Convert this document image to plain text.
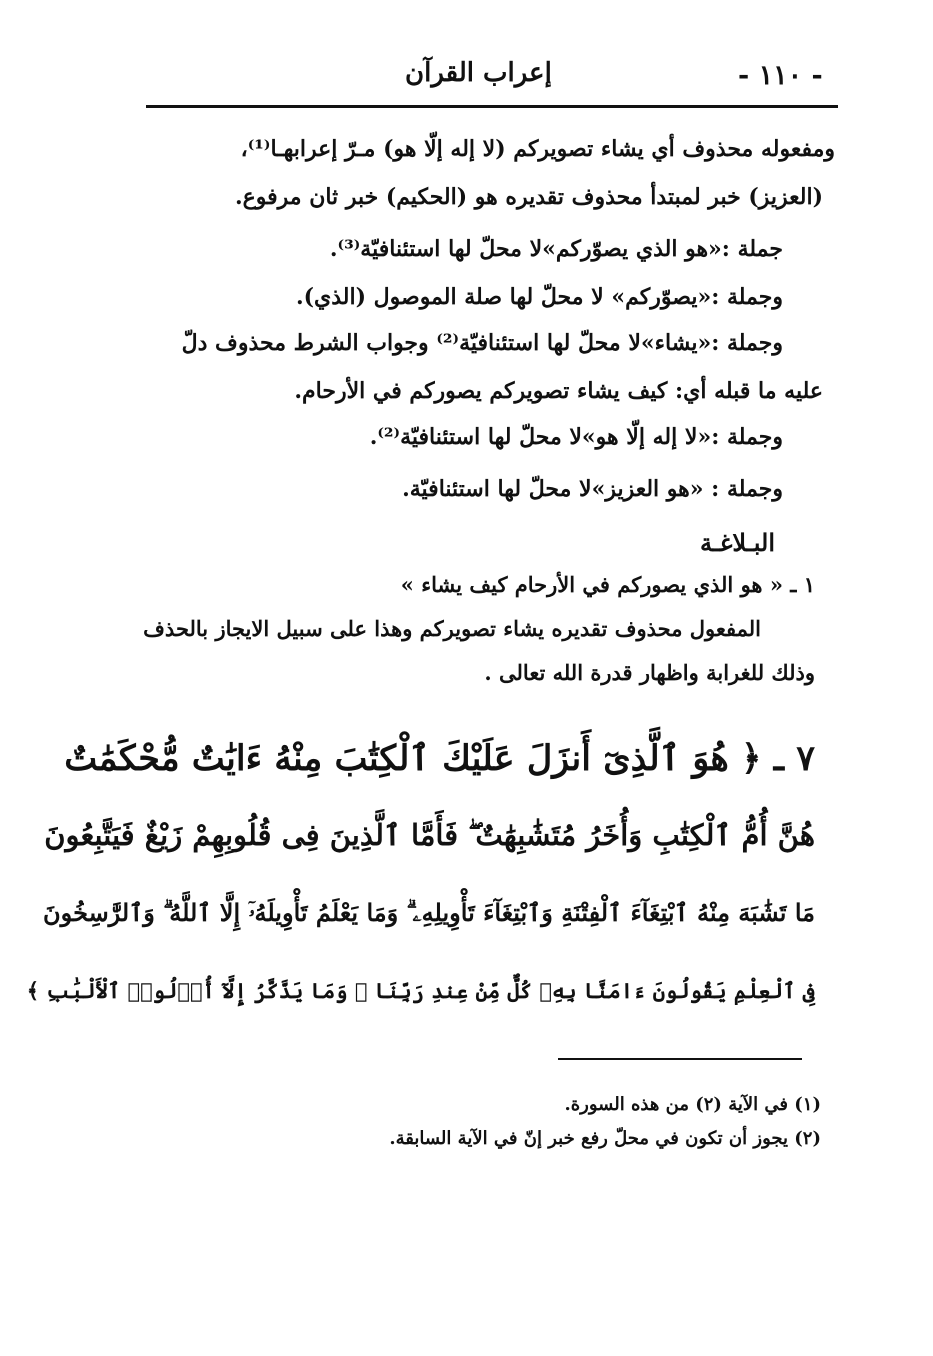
- ١١٠ -
إعراب القرآن
ومفعوله محذوف أي يشاء تصويركم (لا إله إلّا هو) مـرّ إعرابهـا⁽¹⁾،
(العزيز) خبر لمبتدأ محذوف تقديره هو (الحكيم) خبر ثان مرفوع.
جملة :«هو الذي يصوّركم»لا محلّ لها استئنافيّة⁽³⁾.
وجملة :«يصوّركم» لا محلّ لها صلة الموصول (الذي).
وجملة :«يشاء»لا محلّ لها استئنافيّة⁽²⁾ وجواب الشرط محذوف دلّ
عليه ما قبله أي: كيف يشاء تصويركم يصوركم في الأرحام.
وجملة :«لا إله إلّا هو»لا محلّ لها استئنافيّة⁽²⁾.
وجملة : «هو العزيز»لا محلّ لها استئنافيّة.
البـلاغـة
١ ـ « هو الذي يصوركم في الأرحام كيف يشاء »
المفعول محذوف تقديره يشاء تصويركم وهذا على سبيل الايجاز بالحذف
وذلك للغرابة واظهار قدرة الله تعالى .
٧ ـ ﴿ هُوَ ٱلَّذِىٓ أَنزَلَ عَلَيْكَ ٱلْكِتَٰبَ مِنْهُ ءَايَٰتٌ مُّحْكَمَٰتٌ
هُنَّ أُمُّ ٱلْكِتَٰبِ وَأُخَرُ مُتَشَٰبِهَٰتٌ ۖ فَأَمَّا ٱلَّذِينَ فِى قُلُوبِهِمْ زَيْغٌ فَيَتَّبِعُونَ
مَا تَشَٰبَهَ مِنْهُ ٱبْتِغَآءَ ٱلْفِتْنَةِ وَٱبْتِغَآءَ تَأْوِيلِهِۦ ۗ وَمَا يَعْلَمُ تَأْوِيلَهُۥٓ إِلَّا ٱللَّهُ ۗ وَٱلرَّٰسِخُونَ
فِى ٱلْعِلْمِ يَقُولُونَ ءَامَنَّا بِهِۦ كُلٌّ مِّنْ عِندِ رَبِّنَا ۗ وَمَا يَذَّكَّرُ إِلَّآ أُو۟لُوا۟ ٱلْأَلْبَٰبِ ﴾
(١) في الآية (٢) من هذه السورة.
(٢) يجوز أن تكون في محلّ رفع خبر إنّ في الآية السابقة.
